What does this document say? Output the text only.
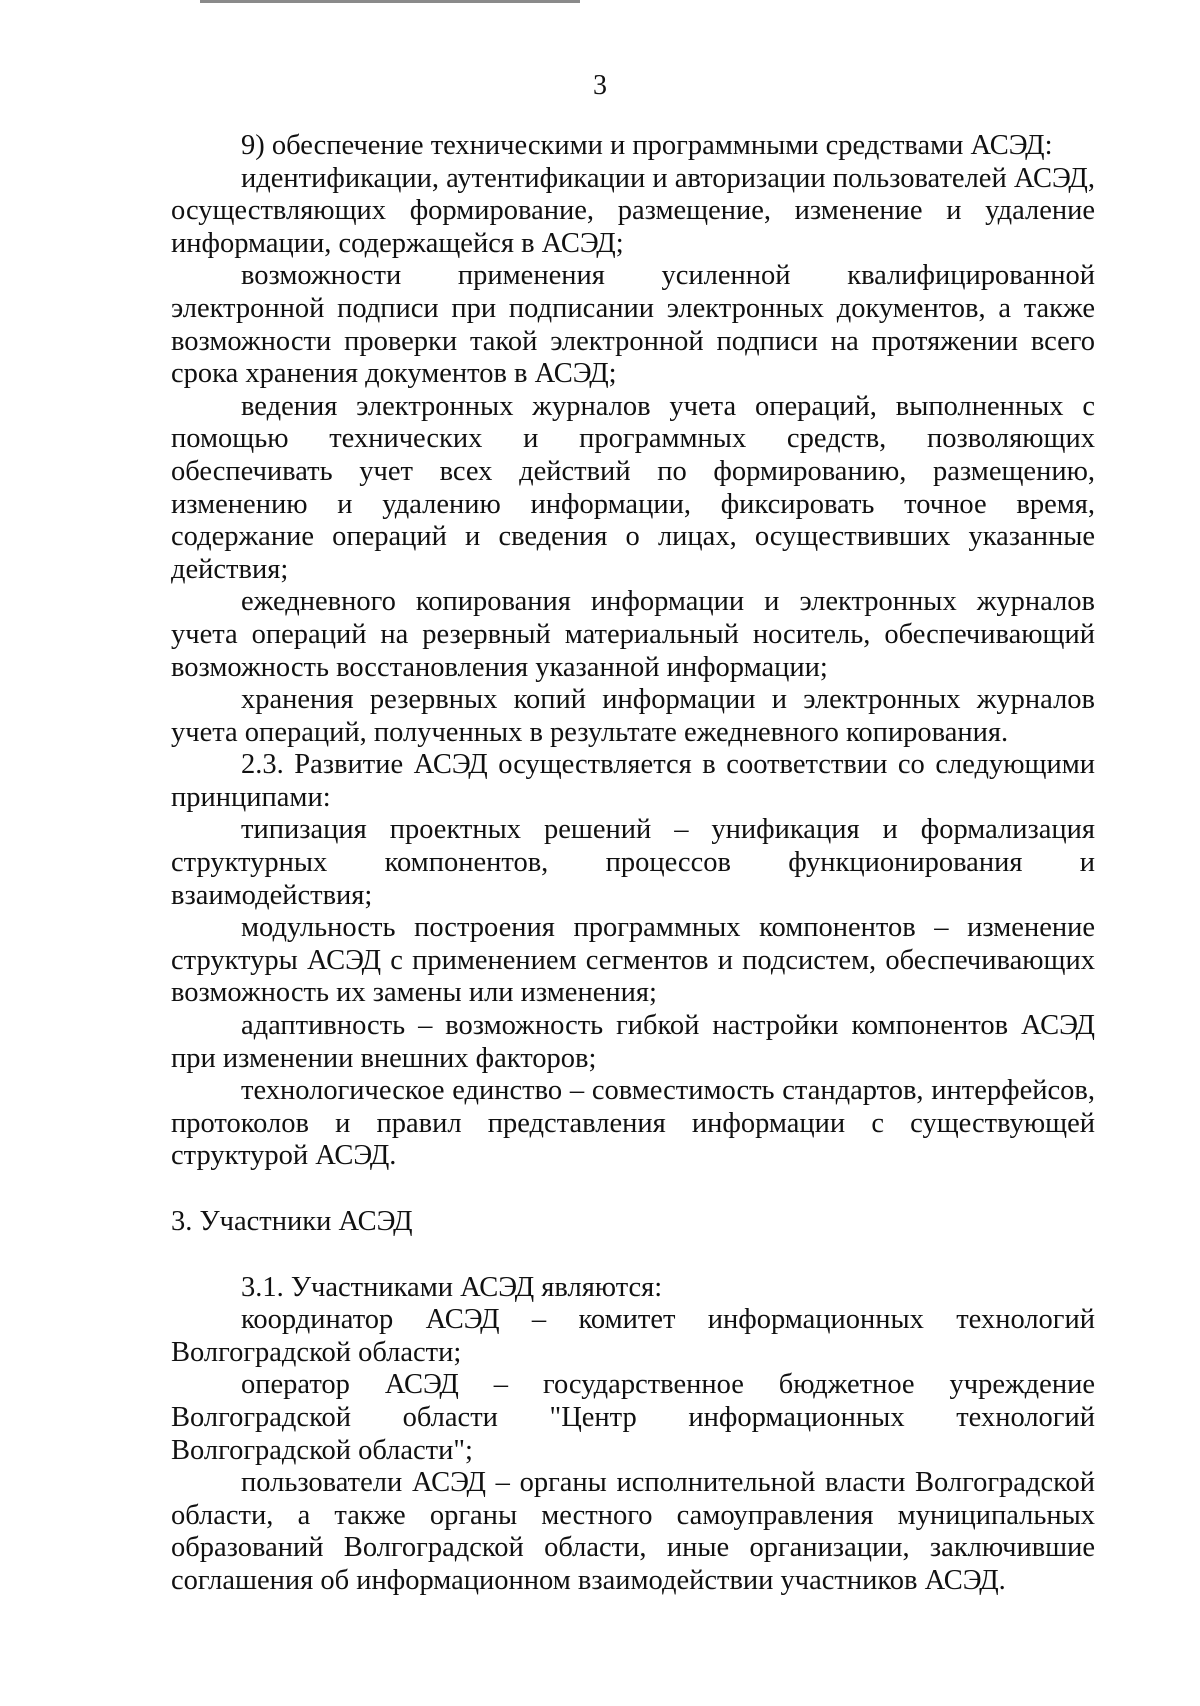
3

9) обеспечение техническими и программными средствами АСЭД:

идентификации, аутентификации и авторизации пользователей АСЭД, осуществляющих формирование, размещение, изменение и удаление информации, содержащейся в АСЭД;

возможности применения усиленной квалифицированной электронной подписи при подписании электронных документов, а также возможности проверки такой электронной подписи на протяжении всего срока хранения документов в АСЭД;

ведения электронных журналов учета операций, выполненных с помощью технических и программных средств, позволяющих обеспечивать учет всех действий по формированию, размещению, изменению и удалению информации, фиксировать точное время, содержание операций и сведения о лицах, осуществивших указанные действия;

ежедневного копирования информации и электронных журналов учета операций на резервный материальный носитель, обеспечивающий возможность восстановления указанной информации;

хранения резервных копий информации и электронных журналов учета операций, полученных в результате ежедневного копирования.

2.3. Развитие АСЭД осуществляется в соответствии со следующими принципами:

типизация проектных решений – унификация и формализация структурных компонентов, процессов функционирования и взаимодействия;

модульность построения программных компонентов – изменение структуры АСЭД с применением сегментов и подсистем, обеспечивающих возможность их замены или изменения;

адаптивность – возможность гибкой настройки компонентов АСЭД при изменении внешних факторов;

технологическое единство – совместимость стандартов, интерфейсов, протоколов и правил представления информации с существующей структурой АСЭД.

3. Участники АСЭД

3.1. Участниками АСЭД являются:

координатор АСЭД – комитет информационных технологий Волгоградской области;

оператор АСЭД – государственное бюджетное учреждение Волгоградской области "Центр информационных технологий Волгоградской области";

пользователи АСЭД – органы исполнительной власти Волгоградской области, а также органы местного самоуправления муниципальных образований Волгоградской области, иные организации, заключившие соглашения об информационном взаимодействии участников АСЭД.
